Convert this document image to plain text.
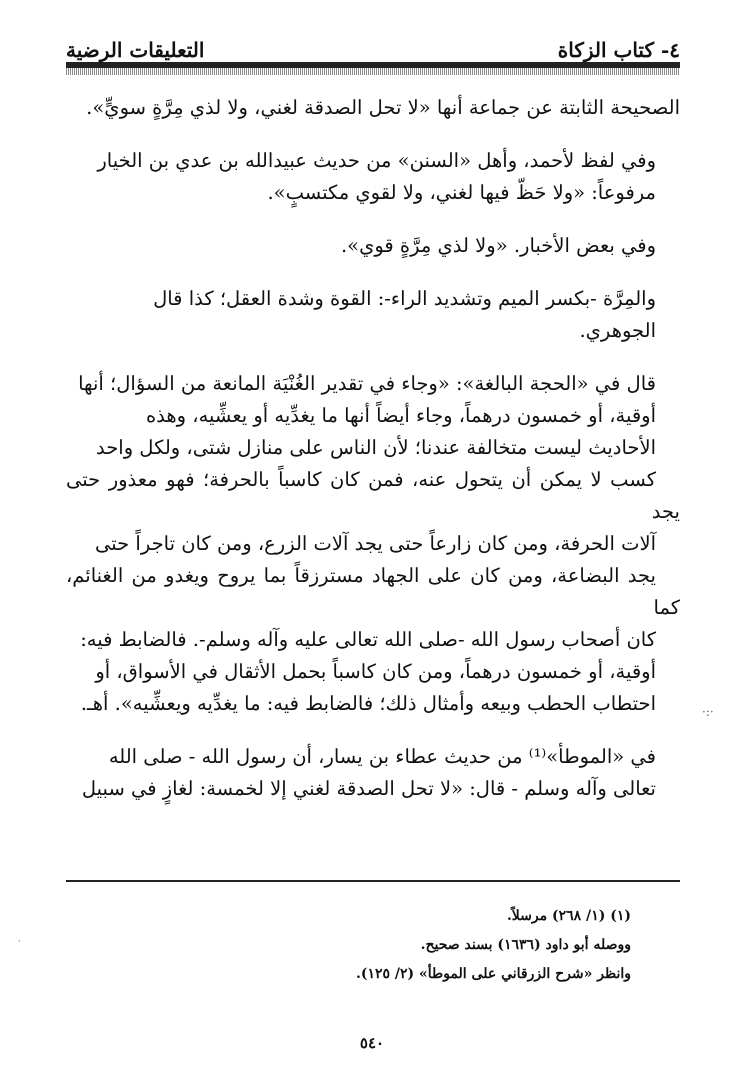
٤- كتاب الزكاة
التعليقات الرضية

الصحيحة الثابتة عن جماعة أنها «لا تحل الصدقة لغني، ولا لذي مِرَّةٍ سويٍّ».

وفي لفظ لأحمد، وأهل «السنن» من حديث عبيدالله بن عدي بن الخيار
مرفوعاً: «ولا حَظّ فيها لغني، ولا لقوي مكتسبٍ».

وفي بعض الأخبار. «ولا لذي مِرَّةٍ قوي».

والمِرَّة -بكسر الميم وتشديد الراء-: القوة وشدة العقل؛ كذا قال
الجوهري.

قال في «الحجة البالغة»: «وجاء في تقدير الغُنْيَة المانعة من السؤال؛ أنها
أوقية، أو خمسون درهماً، وجاء أيضاً أنها ما يغدِّيه أو يعشِّيه، وهذه
الأحاديث ليست متخالفة عندنا؛ لأن الناس على منازل شتى، ولكل واحد
كسب لا يمكن أن يتحول عنه، فمن كان كاسباً بالحرفة؛ فهو معذور حتى يجد
آلات الحرفة، ومن كان زارعاً حتى يجد آلات الزرع، ومن كان تاجراً حتى
يجد البضاعة، ومن كان على الجهاد مسترزقاً بما يروح ويغدو من الغنائم، كما
كان أصحاب رسول الله -صلى الله تعالى عليه وآله وسلم-. فالضابط فيه:
أوقية، أو خمسون درهماً، ومن كان كاسباً بحمل الأثقال في الأسواق، أو
احتطاب الحطب وبيعه وأمثال ذلك؛ فالضابط فيه: ما يغدِّيه ويعشِّيه». أهـ.

في «الموطأ»⁽¹⁾ من حديث عطاء بن يسار، أن رسول الله - صلى الله
تعالى وآله وسلم - قال: «لا تحل الصدقة لغني إلا لخمسة: لغازٍ في سبيل

(١) (١/ ٢٦٨) مرسلاً.
ووصله أبو داود (١٦٣٦) بسند صحيح.
وانظر «شرح الزرقاني على الموطأ» (٢/ ١٢٥).
٥٤٠
·:·
·
